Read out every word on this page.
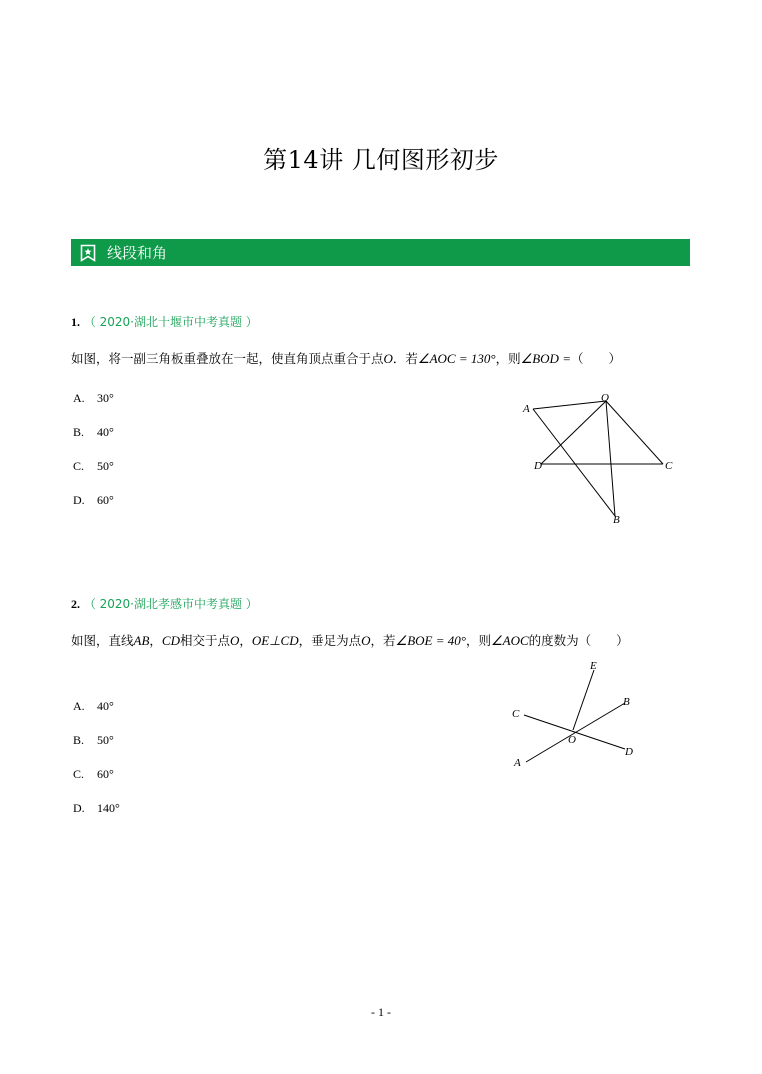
第14讲 几何图形初步
线段和角
1. （ 2020·湖北十堰市中考真题 ）
如图，将一副三角板重叠放在一起，使直角顶点重合于点O．若∠AOC = 130°，则∠BOD =（　　）
A. 30°
B. 40°
C. 50°
D. 60°
A
O
D	C
B
2. （ 2020·湖北孝感市中考真题 ）
如图，直线AB，CD相交于点O，OE⊥CD，垂足为点O，若∠BOE = 40°，则∠AOC的度数为（　　）
A. 40°
B. 50°
C. 60°
D. 140°
E
B
C
O
D
A
- 1 -
